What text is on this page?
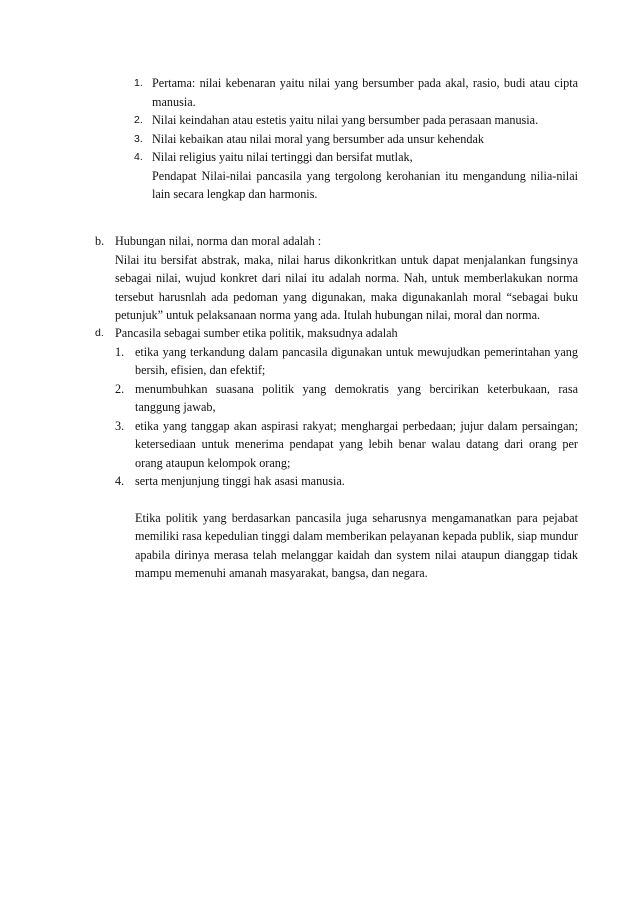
1. Pertama: nilai kebenaran yaitu nilai yang bersumber pada akal, rasio, budi atau cipta manusia.
2. Nilai keindahan atau estetis yaitu nilai yang bersumber pada perasaan manusia.
3. Nilai kebaikan atau nilai moral yang bersumber ada unsur kehendak
4. Nilai religius yaitu nilai tertinggi dan bersifat mutlak,
Pendapat Nilai-nilai pancasila yang tergolong kerohanian itu mengandung nilia-nilai lain secara lengkap dan harmonis.
b. Hubungan nilai, norma dan moral adalah :
Nilai itu bersifat abstrak, maka, nilai harus dikonkritkan untuk dapat menjalankan fungsinya sebagai nilai, wujud konkret dari nilai itu adalah norma. Nah, untuk memberlakukan norma tersebut harusnlah ada pedoman yang digunakan, maka digunakanlah moral “sebagai buku petunjuk” untuk pelaksanaan norma yang ada. Itulah hubungan nilai, moral dan norma.
d. Pancasila sebagai sumber etika politik, maksudnya adalah
1. etika yang terkandung dalam pancasila digunakan untuk mewujudkan pemerintahan yang bersih, efisien, dan efektif;
2. menumbuhkan suasana politik yang demokratis yang bercirikan keterbukaan, rasa tanggung jawab,
3. etika yang tanggap akan aspirasi rakyat; menghargai perbedaan; jujur dalam persaingan; ketersediaan untuk menerima pendapat yang lebih benar walau datang dari orang per orang ataupun kelompok orang;
4. serta menjunjung tinggi hak asasi manusia.
Etika politik yang berdasarkan pancasila juga seharusnya mengamanatkan para pejabat memiliki rasa kepedulian tinggi dalam memberikan pelayanan kepada publik, siap mundur apabila dirinya merasa telah melanggar kaidah dan system nilai ataupun dianggap tidak mampu memenuhi amanah masyarakat, bangsa, dan negara.
